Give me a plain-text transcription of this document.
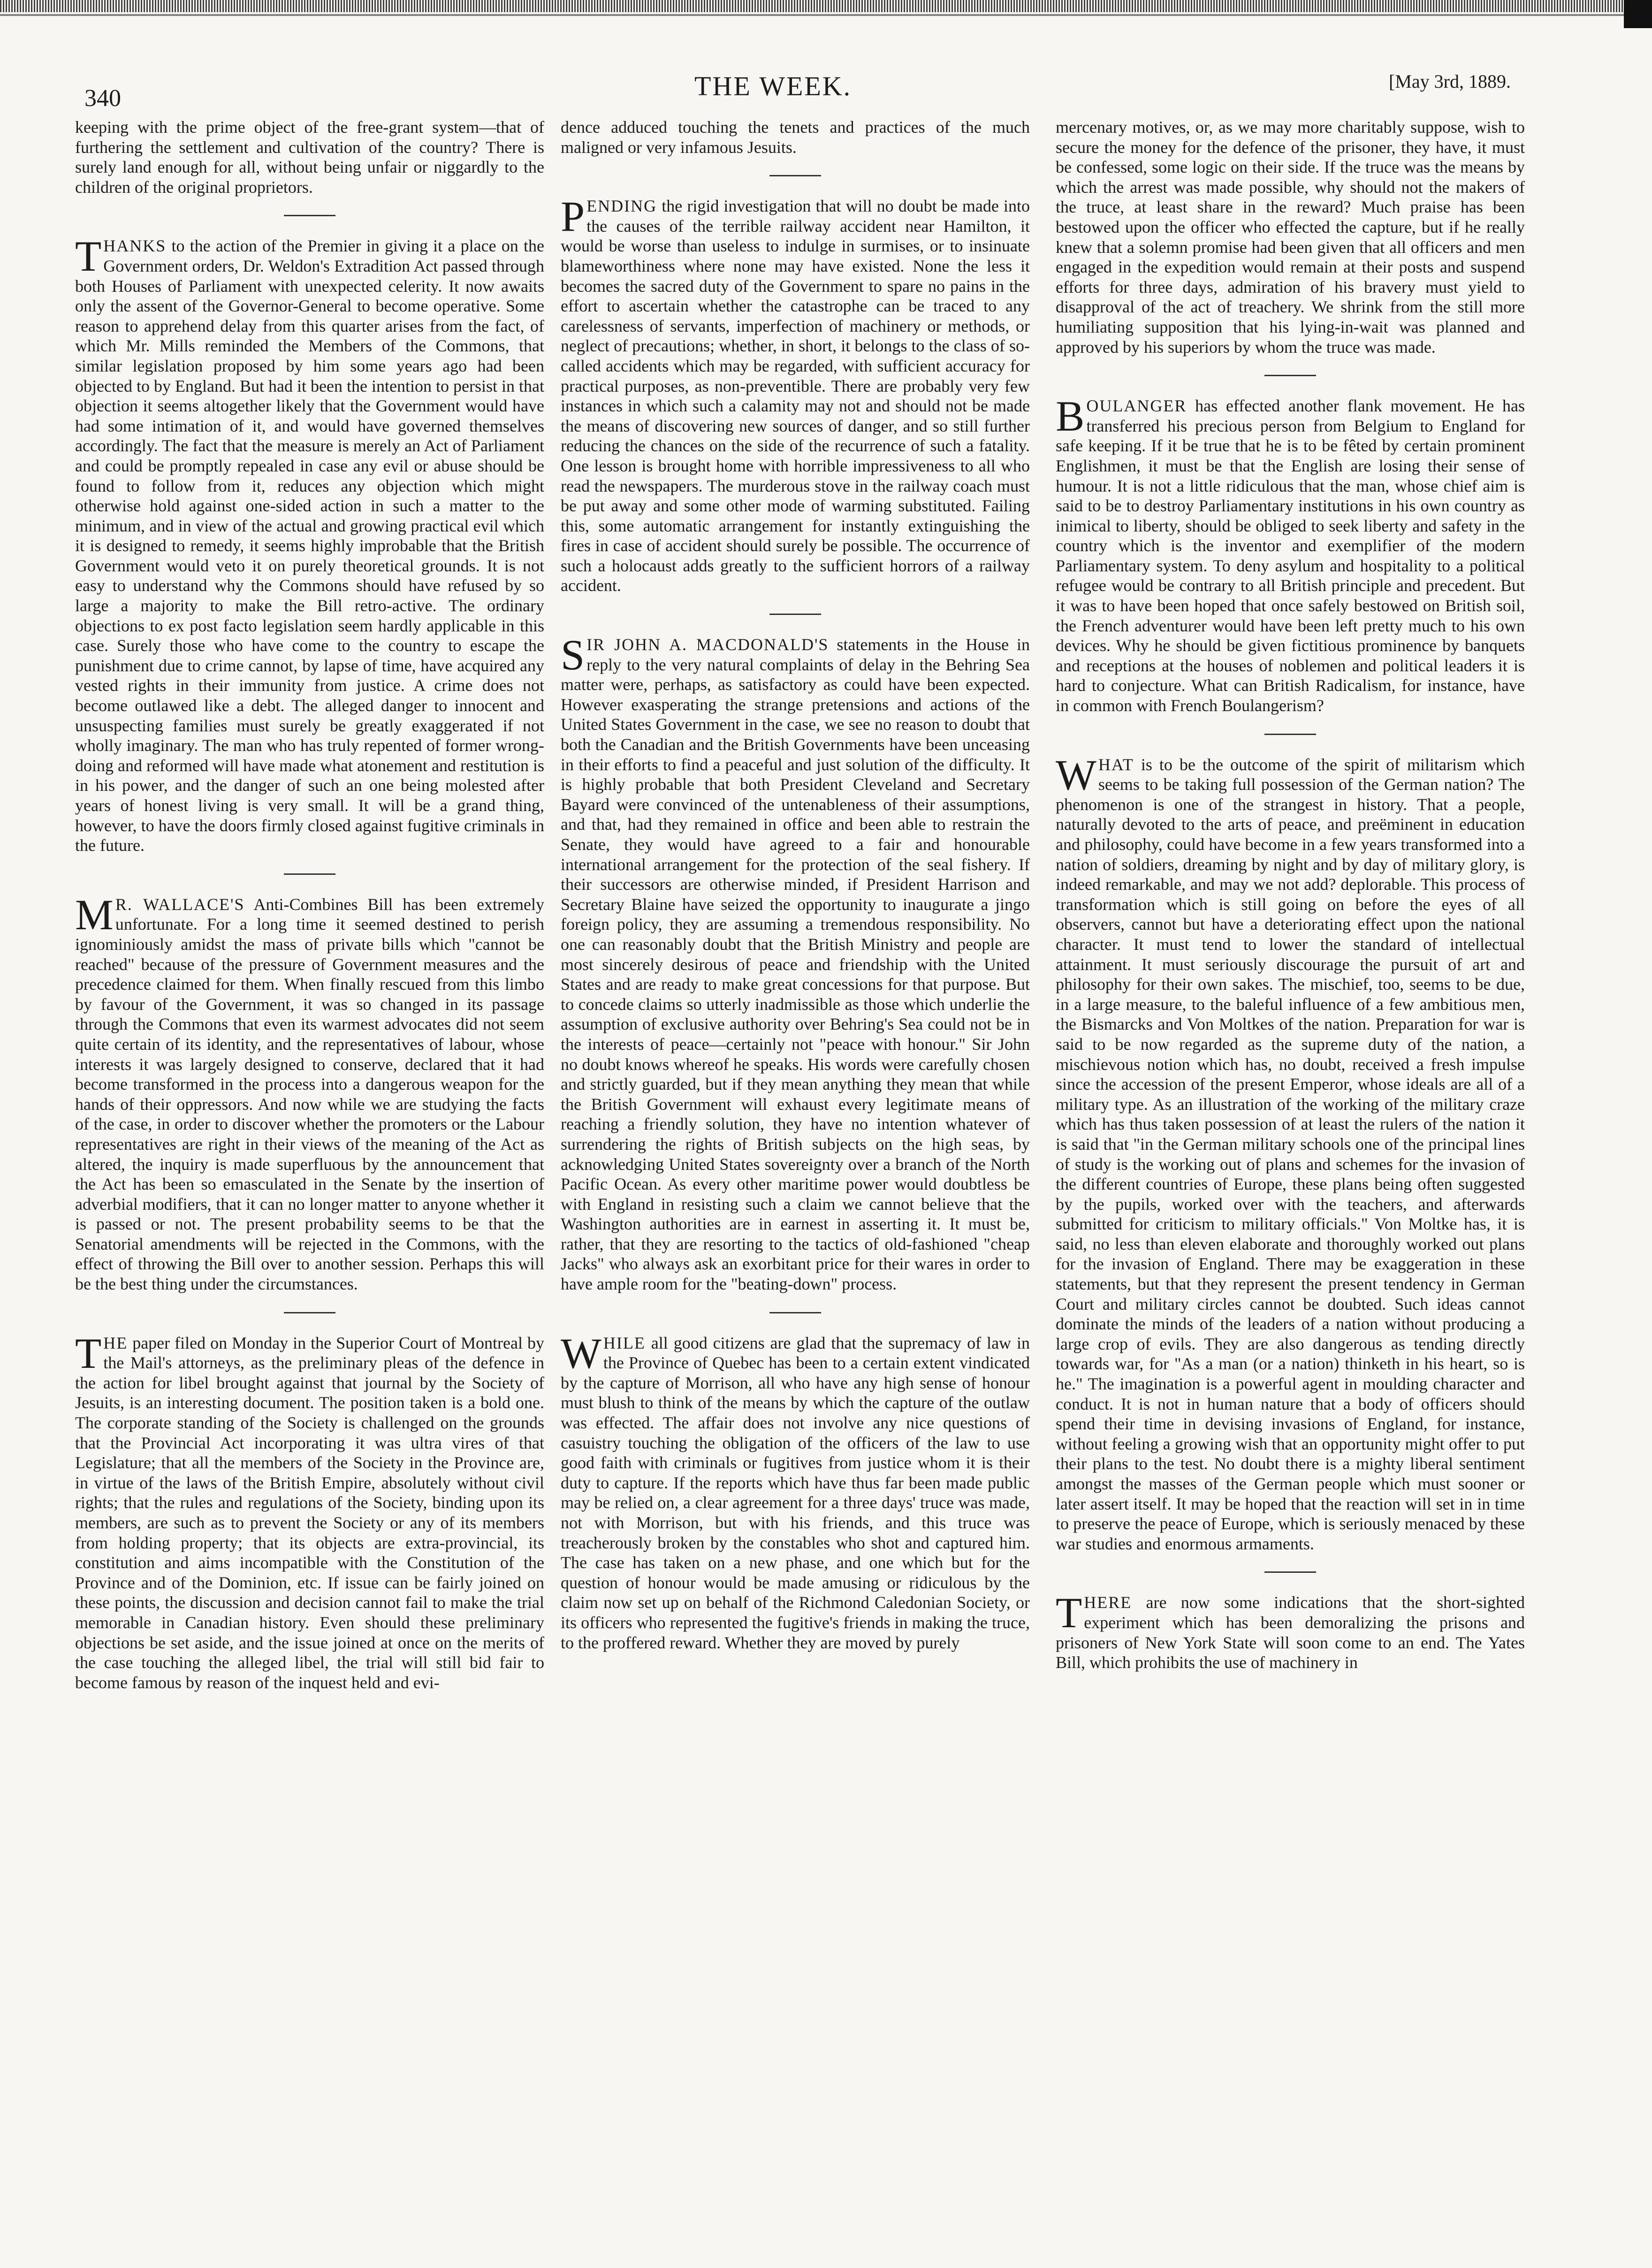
340	THE WEEK.	[May 3rd, 1889.

keeping with the prime object of the free-grant system—that of furthering the settlement and cultivation of the country? There is surely land enough for all, without being unfair or niggardly to the children of the original proprietors.

THANKS to the action of the Premier in giving it a place on the Government orders, Dr. Weldon's Extradition Act passed through both Houses of Parliament with unexpected celerity. It now awaits only the assent of the Governor-General to become operative. Some reason to apprehend delay from this quarter arises from the fact, of which Mr. Mills reminded the Members of the Commons, that similar legislation proposed by him some years ago had been objected to by England. But had it been the intention to persist in that objection it seems altogether likely that the Government would have had some intimation of it, and would have governed themselves accordingly. The fact that the measure is merely an Act of Parliament and could be promptly repealed in case any evil or abuse should be found to follow from it, reduces any objection which might otherwise hold against one-sided action in such a matter to the minimum, and in view of the actual and growing practical evil which it is designed to remedy, it seems highly improbable that the British Government would veto it on purely theoretical grounds. It is not easy to understand why the Commons should have refused by so large a majority to make the Bill retro-active. The ordinary objections to ex post facto legislation seem hardly applicable in this case. Surely those who have come to the country to escape the punishment due to crime cannot, by lapse of time, have acquired any vested rights in their immunity from justice. A crime does not become outlawed like a debt. The alleged danger to innocent and unsuspecting families must surely be greatly exaggerated if not wholly imaginary. The man who has truly repented of former wrong-doing and reformed will have made what atonement and restitution is in his power, and the danger of such an one being molested after years of honest living is very small. It will be a grand thing, however, to have the doors firmly closed against fugitive criminals in the future.

MR. WALLACE'S Anti-Combines Bill has been extremely unfortunate. For a long time it seemed destined to perish ignominiously amidst the mass of private bills which "cannot be reached" because of the pressure of Government measures and the precedence claimed for them. When finally rescued from this limbo by favour of the Government, it was so changed in its passage through the Commons that even its warmest advocates did not seem quite certain of its identity, and the representatives of labour, whose interests it was largely designed to conserve, declared that it had become transformed in the process into a dangerous weapon for the hands of their oppressors. And now while we are studying the facts of the case, in order to discover whether the promoters or the Labour representatives are right in their views of the meaning of the Act as altered, the inquiry is made superfluous by the announcement that the Act has been so emasculated in the Senate by the insertion of adverbial modifiers, that it can no longer matter to anyone whether it is passed or not. The present probability seems to be that the Senatorial amendments will be rejected in the Commons, with the effect of throwing the Bill over to another session. Perhaps this will be the best thing under the circumstances.

THE paper filed on Monday in the Superior Court of Montreal by the Mail's attorneys, as the preliminary pleas of the defence in the action for libel brought against that journal by the Society of Jesuits, is an interesting document. The position taken is a bold one. The corporate standing of the Society is challenged on the grounds that the Provincial Act incorporating it was ultra vires of that Legislature; that all the members of the Society in the Province are, in virtue of the laws of the British Empire, absolutely without civil rights; that the rules and regulations of the Society, binding upon its members, are such as to prevent the Society or any of its members from holding property; that its objects are extra-provincial, its constitution and aims incompatible with the Constitution of the Province and of the Dominion, etc. If issue can be fairly joined on these points, the discussion and decision cannot fail to make the trial memorable in Canadian history. Even should these preliminary objections be set aside, and the issue joined at once on the merits of the case touching the alleged libel, the trial will still bid fair to become famous by reason of the inquest held and evi-

dence adduced touching the tenets and practices of the much maligned or very infamous Jesuits.

PENDING the rigid investigation that will no doubt be made into the causes of the terrible railway accident near Hamilton, it would be worse than useless to indulge in surmises, or to insinuate blameworthiness where none may have existed. None the less it becomes the sacred duty of the Government to spare no pains in the effort to ascertain whether the catastrophe can be traced to any carelessness of servants, imperfection of machinery or methods, or neglect of precautions; whether, in short, it belongs to the class of so-called accidents which may be regarded, with sufficient accuracy for practical purposes, as non-preventible. There are probably very few instances in which such a calamity may not and should not be made the means of discovering new sources of danger, and so still further reducing the chances on the side of the recurrence of such a fatality. One lesson is brought home with horrible impressiveness to all who read the newspapers. The murderous stove in the railway coach must be put away and some other mode of warming substituted. Failing this, some automatic arrangement for instantly extinguishing the fires in case of accident should surely be possible. The occurrence of such a holocaust adds greatly to the sufficient horrors of a railway accident.

SIR JOHN A. MACDONALD'S statements in the House in reply to the very natural complaints of delay in the Behring Sea matter were, perhaps, as satisfactory as could have been expected. However exasperating the strange pretensions and actions of the United States Government in the case, we see no reason to doubt that both the Canadian and the British Governments have been unceasing in their efforts to find a peaceful and just solution of the difficulty. It is highly probable that both President Cleveland and Secretary Bayard were convinced of the untenableness of their assumptions, and that, had they remained in office and been able to restrain the Senate, they would have agreed to a fair and honourable international arrangement for the protection of the seal fishery. If their successors are otherwise minded, if President Harrison and Secretary Blaine have seized the opportunity to inaugurate a jingo foreign policy, they are assuming a tremendous responsibility. No one can reasonably doubt that the British Ministry and people are most sincerely desirous of peace and friendship with the United States and are ready to make great concessions for that purpose. But to concede claims so utterly inadmissible as those which underlie the assumption of exclusive authority over Behring's Sea could not be in the interests of peace—certainly not "peace with honour." Sir John no doubt knows whereof he speaks. His words were carefully chosen and strictly guarded, but if they mean anything they mean that while the British Government will exhaust every legitimate means of reaching a friendly solution, they have no intention whatever of surrendering the rights of British subjects on the high seas, by acknowledging United States sovereignty over a branch of the North Pacific Ocean. As every other maritime power would doubtless be with England in resisting such a claim we cannot believe that the Washington authorities are in earnest in asserting it. It must be, rather, that they are resorting to the tactics of old-fashioned "cheap Jacks" who always ask an exorbitant price for their wares in order to have ample room for the "beating-down" process.

WHILE all good citizens are glad that the supremacy of law in the Province of Quebec has been to a certain extent vindicated by the capture of Morrison, all who have any high sense of honour must blush to think of the means by which the capture of the outlaw was effected. The affair does not involve any nice questions of casuistry touching the obligation of the officers of the law to use good faith with criminals or fugitives from justice whom it is their duty to capture. If the reports which have thus far been made public may be relied on, a clear agreement for a three days' truce was made, not with Morrison, but with his friends, and this truce was treacherously broken by the constables who shot and captured him. The case has taken on a new phase, and one which but for the question of honour would be made amusing or ridiculous by the claim now set up on behalf of the Richmond Caledonian Society, or its officers who represented the fugitive's friends in making the truce, to the proffered reward. Whether they are moved by purely

mercenary motives, or, as we may more charitably suppose, wish to secure the money for the defence of the prisoner, they have, it must be confessed, some logic on their side. If the truce was the means by which the arrest was made possible, why should not the makers of the truce, at least share in the reward? Much praise has been bestowed upon the officer who effected the capture, but if he really knew that a solemn promise had been given that all officers and men engaged in the expedition would remain at their posts and suspend efforts for three days, admiration of his bravery must yield to disapproval of the act of treachery. We shrink from the still more humiliating supposition that his lying-in-wait was planned and approved by his superiors by whom the truce was made.

BOULANGER has effected another flank movement. He has transferred his precious person from Belgium to England for safe keeping. If it be true that he is to be fêted by certain prominent Englishmen, it must be that the English are losing their sense of humour. It is not a little ridiculous that the man, whose chief aim is said to be to destroy Parliamentary institutions in his own country as inimical to liberty, should be obliged to seek liberty and safety in the country which is the inventor and exemplifier of the modern Parliamentary system. To deny asylum and hospitality to a political refugee would be contrary to all British principle and precedent. But it was to have been hoped that once safely bestowed on British soil, the French adventurer would have been left pretty much to his own devices. Why he should be given fictitious prominence by banquets and receptions at the houses of noblemen and political leaders it is hard to conjecture. What can British Radicalism, for instance, have in common with French Boulangerism?

WHAT is to be the outcome of the spirit of militarism which seems to be taking full possession of the German nation? The phenomenon is one of the strangest in history. That a people, naturally devoted to the arts of peace, and preëminent in education and philosophy, could have become in a few years transformed into a nation of soldiers, dreaming by night and by day of military glory, is indeed remarkable, and may we not add? deplorable. This process of transformation which is still going on before the eyes of all observers, cannot but have a deteriorating effect upon the national character. It must tend to lower the standard of intellectual attainment. It must seriously discourage the pursuit of art and philosophy for their own sakes. The mischief, too, seems to be due, in a large measure, to the baleful influence of a few ambitious men, the Bismarcks and Von Moltkes of the nation. Preparation for war is said to be now regarded as the supreme duty of the nation, a mischievous notion which has, no doubt, received a fresh impulse since the accession of the present Emperor, whose ideals are all of a military type. As an illustration of the working of the military craze which has thus taken possession of at least the rulers of the nation it is said that "in the German military schools one of the principal lines of study is the working out of plans and schemes for the invasion of the different countries of Europe, these plans being often suggested by the pupils, worked over with the teachers, and afterwards submitted for criticism to military officials." Von Moltke has, it is said, no less than eleven elaborate and thoroughly worked out plans for the invasion of England. There may be exaggeration in these statements, but that they represent the present tendency in German Court and military circles cannot be doubted. Such ideas cannot dominate the minds of the leaders of a nation without producing a large crop of evils. They are also dangerous as tending directly towards war, for "As a man (or a nation) thinketh in his heart, so is he." The imagination is a powerful agent in moulding character and conduct. It is not in human nature that a body of officers should spend their time in devising invasions of England, for instance, without feeling a growing wish that an opportunity might offer to put their plans to the test. No doubt there is a mighty liberal sentiment amongst the masses of the German people which must sooner or later assert itself. It may be hoped that the reaction will set in in time to preserve the peace of Europe, which is seriously menaced by these war studies and enormous armaments.

THERE are now some indications that the short-sighted experiment which has been demoralizing the prisons and prisoners of New York State will soon come to an end. The Yates Bill, which prohibits the use of machinery in
